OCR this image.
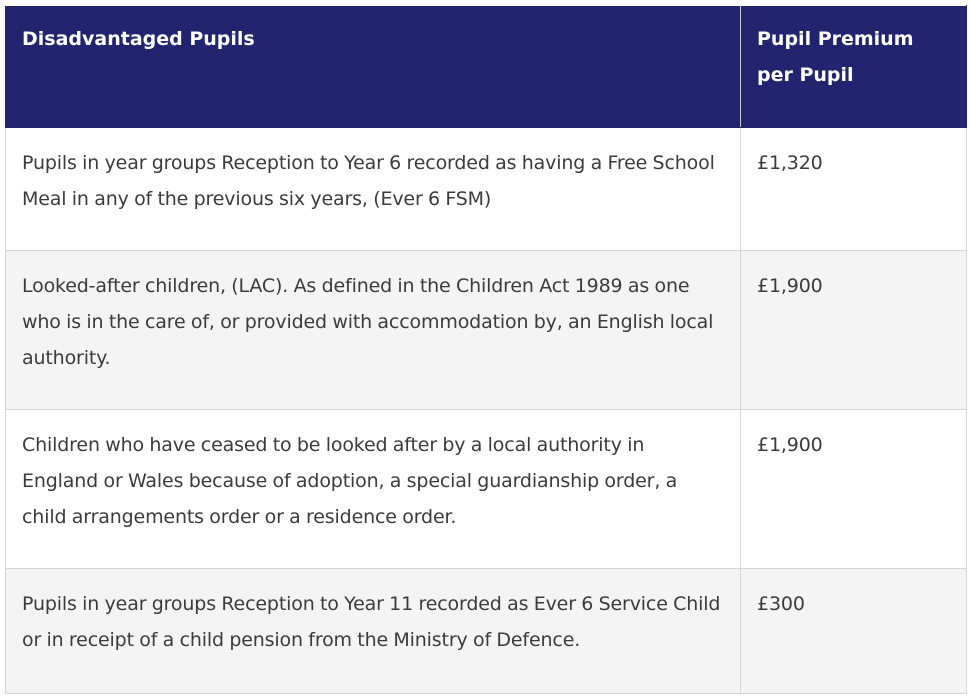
Disadvantaged Pupils	Pupil Premium per Pupil
Pupils in year groups Reception to Year 6 recorded as having a Free School Meal in any of the previous six years, (Ever 6 FSM)	£1,320
Looked-after children, (LAC). As defined in the Children Act 1989 as one who is in the care of, or provided with accommodation by, an English local authority.	£1,900
Children who have ceased to be looked after by a local authority in England or Wales because of adoption, a special guardianship order, a child arrangements order or a residence order.	£1,900
Pupils in year groups Reception to Year 11 recorded as Ever 6 Service Child or in receipt of a child pension from the Ministry of Defence.	£300
